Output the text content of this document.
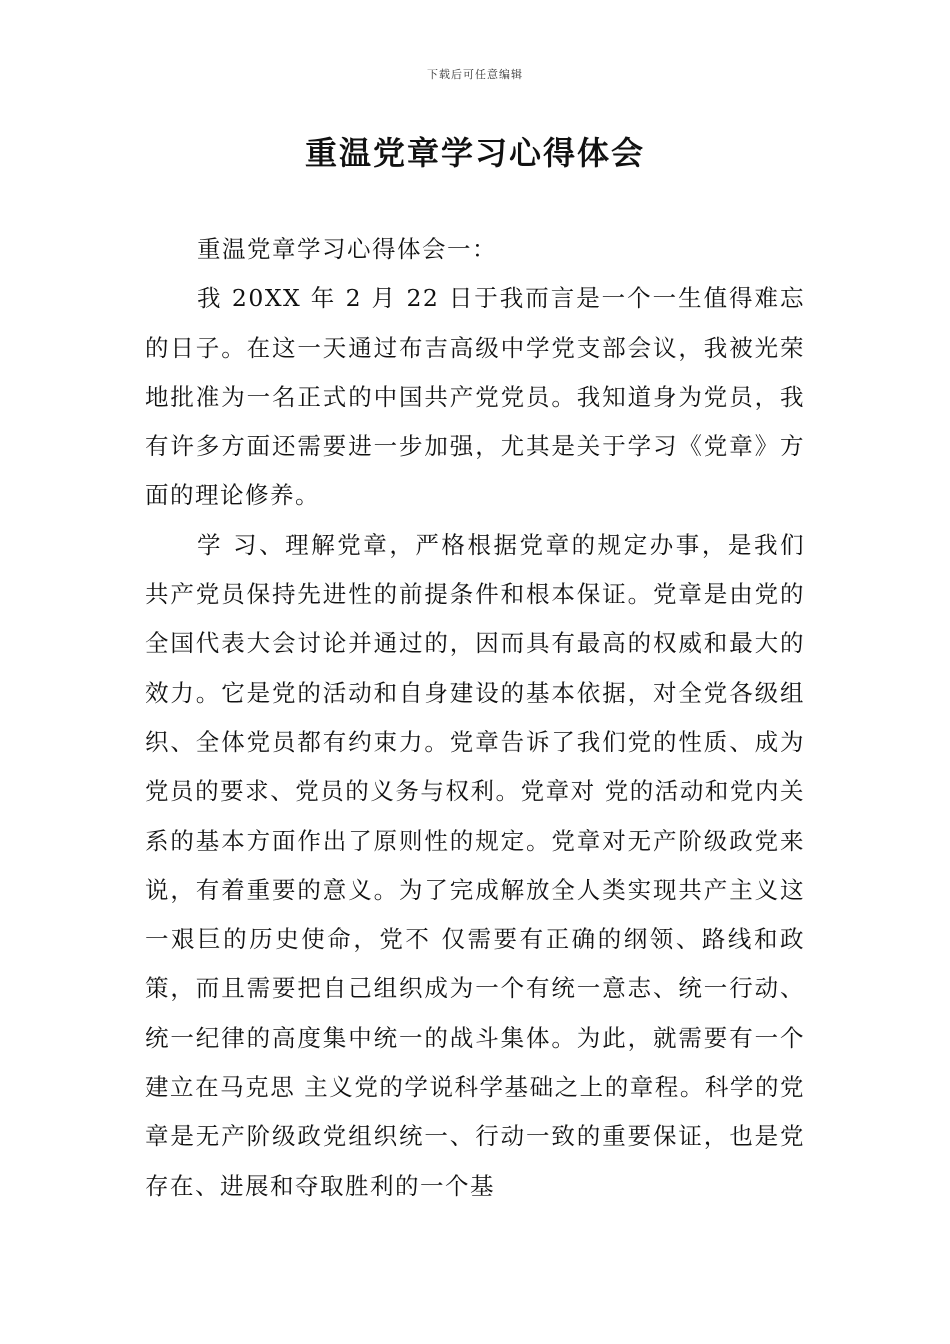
下载后可任意编辑
重温党章学习心得体会

重温党章学习心得体会一：

我 20XX 年 2 月 22 日于我而言是一个一生值得难忘的日子。在这一天通过布吉高级中学党支部会议，我被光荣地批准为一名正式的中国共产党党员。我知道身为党员，我有许多方面还需要进一步加强，尤其是关于学习《党章》方面的理论修养。

学 习、理解党章，严格根据党章的规定办事，是我们共产党员保持先进性的前提条件和根本保证。党章是由党的全国代表大会讨论并通过的，因而具有最高的权威和最大的效力。它是党的活动和自身建设的基本依据，对全党各级组织、全体党员都有约束力。党章告诉了我们党的性质、成为党员的要求、党员的义务与权利。党章对 党的活动和党内关系的基本方面作出了原则性的规定。党章对无产阶级政党来说，有着重要的意义。为了完成解放全人类实现共产主义这一艰巨的历史使命，党不 仅需要有正确的纲领、路线和政策，而且需要把自己组织成为一个有统一意志、统一行动、统一纪律的高度集中统一的战斗集体。为此，就需要有一个建立在马克思 主义党的学说科学基础之上的章程。科学的党章是无产阶级政党组织统一、行动一致的重要保证，也是党存在、进展和夺取胜利的一个基
